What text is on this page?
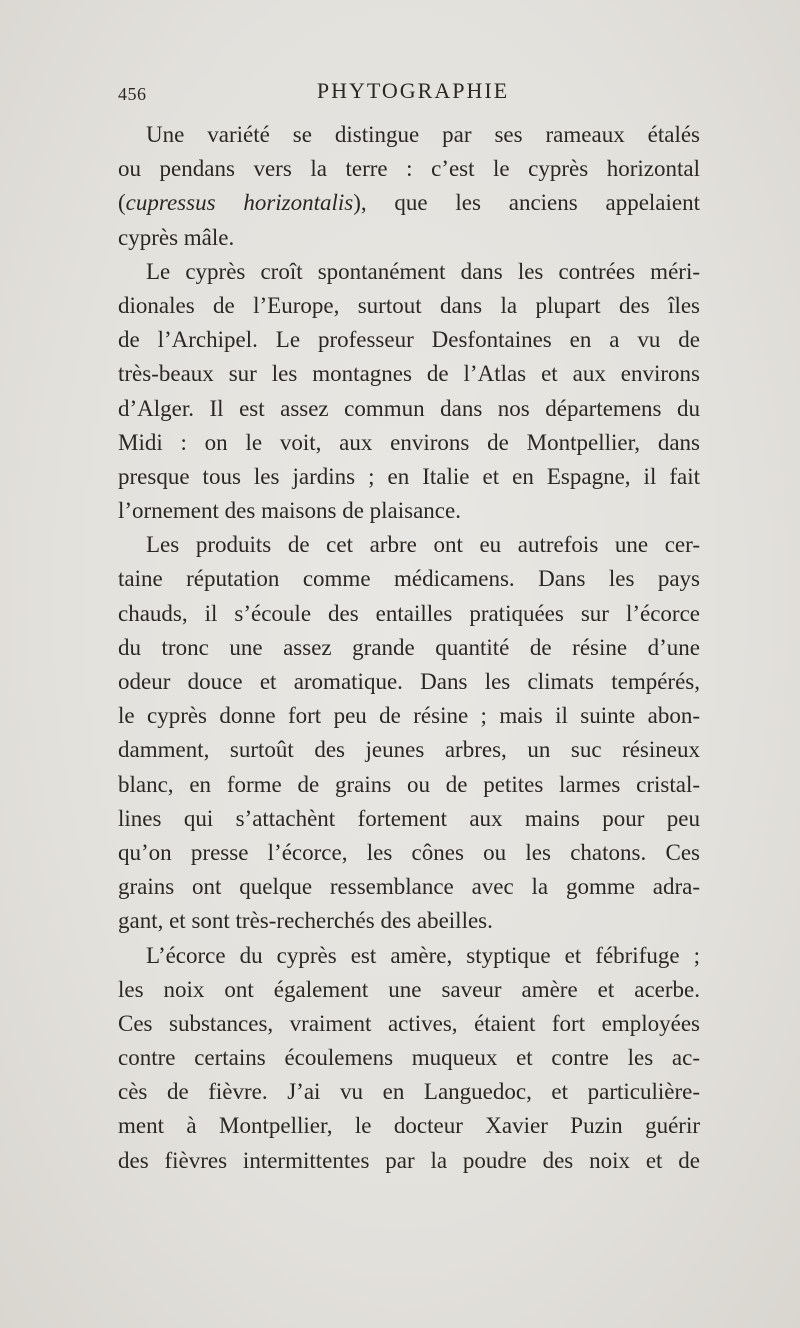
456	PHYTOGRAPHIE
Une variété se distingue par ses rameaux étalés
ou pendans vers la terre : c’est le cyprès horizontal
(cupressus horizontalis), que les anciens appelaient
cyprès mâle.
Le cyprès croît spontanément dans les contrées méri-
dionales de l’Europe, surtout dans la plupart des îles
de l’Archipel. Le professeur Desfontaines en a vu de
très-beaux sur les montagnes de l’Atlas et aux environs
d’Alger. Il est assez commun dans nos départemens du
Midi : on le voit, aux environs de Montpellier, dans
presque tous les jardins ; en Italie et en Espagne, il fait
l’ornement des maisons de plaisance.
Les produits de cet arbre ont eu autrefois une cer-
taine réputation comme médicamens. Dans les pays
chauds, il s’écoule des entailles pratiquées sur l’écorce
du tronc une assez grande quantité de résine d’une
odeur douce et aromatique. Dans les climats tempérés,
le cyprès donne fort peu de résine ; mais il suinte abon-
damment, surtoût des jeunes arbres, un suc résineux
blanc, en forme de grains ou de petites larmes cristal-
lines qui s’attachènt fortement aux mains pour peu
qu’on presse l’écorce, les cônes ou les chatons. Ces
grains ont quelque ressemblance avec la gomme adra-
gant, et sont très-recherchés des abeilles.
L’écorce du cyprès est amère, styptique et fébrifuge ;
les noix ont également une saveur amère et acerbe.
Ces substances, vraiment actives, étaient fort employées
contre certains écoulemens muqueux et contre les ac-
cès de fièvre. J’ai vu en Languedoc, et particulière-
ment à Montpellier, le docteur Xavier Puzin guérir
des fièvres intermittentes par la poudre des noix et de
